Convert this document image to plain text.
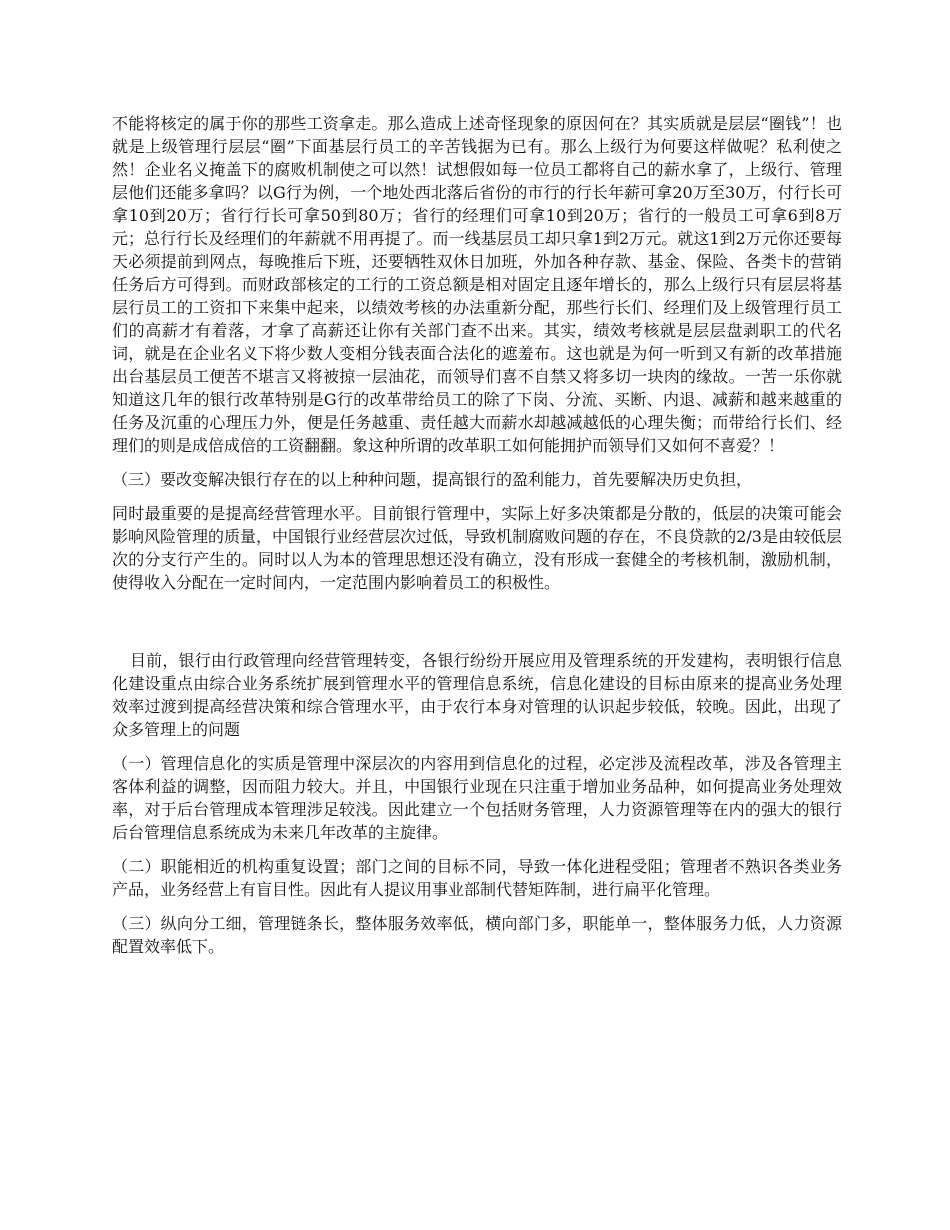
不能将核定的属于你的那些工资拿走。那么造成上述奇怪现象的原因何在？其实质就是层层“圈钱”！也就是上级管理行层层“圈”下面基层行员工的辛苦钱据为已有。那么上级行为何要这样做呢？私利使之然！企业名义掩盖下的腐败机制使之可以然！试想假如每一位员工都将自己的薪水拿了，上级行、管理层他们还能多拿吗？以G行为例，一个地处西北落后省份的市行的行长年薪可拿20万至30万，付行长可拿10到20万；省行行长可拿50到80万；省行的经理们可拿10到20万；省行的一般员工可拿6到8万元；总行行长及经理们的年薪就不用再提了。而一线基层员工却只拿1到2万元。就这1到2万元你还要每天必须提前到网点，每晚推后下班，还要牺牲双休日加班，外加各种存款、基金、保险、各类卡的营销任务后方可得到。而财政部核定的工行的工资总额是相对固定且逐年增长的，那么上级行只有层层将基层行员工的工资扣下来集中起来，以绩效考核的办法重新分配，那些行长们、经理们及上级管理行员工们的高薪才有着落，才拿了高薪还让你有关部门查不出来。其实，绩效考核就是层层盘剥职工的代名词，就是在企业名义下将少数人变相分钱表面合法化的遮羞布。这也就是为何一听到又有新的改革措施出台基层员工便苦不堪言又将被掠一层油花，而领导们喜不自禁又将多切一块肉的缘故。一苦一乐你就知道这几年的银行改革特别是G行的改革带给员工的除了下岗、分流、买断、内退、减薪和越来越重的任务及沉重的心理压力外，便是任务越重、责任越大而薪水却越减越低的心理失衡；而带给行长们、经理们的则是成倍成倍的工资翻翻。象这种所谓的改革职工如何能拥护而领导们又如何不喜爱？！

（三）要改变解决银行存在的以上种种问题，提高银行的盈利能力，首先要解决历史负担，

同时最重要的是提高经营管理水平。目前银行管理中，实际上好多决策都是分散的，低层的决策可能会影响风险管理的质量，中国银行业经营层次过低，导致机制腐败问题的存在，不良贷款的2/3是由较低层次的分支行产生的。同时以人为本的管理思想还没有确立，没有形成一套健全的考核机制，激励机制，使得收入分配在一定时间内，一定范围内影响着员工的积极性。

目前，银行由行政管理向经营管理转变，各银行纷纷开展应用及管理系统的开发建构，表明银行信息化建设重点由综合业务系统扩展到管理水平的管理信息系统，信息化建设的目标由原来的提高业务处理效率过渡到提高经营决策和综合管理水平，由于农行本身对管理的认识起步较低，较晚。因此，出现了众多管理上的问题

（一）管理信息化的实质是管理中深层次的内容用到信息化的过程，必定涉及流程改革，涉及各管理主客体利益的调整，因而阻力较大。并且，中国银行业现在只注重于增加业务品种，如何提高业务处理效率，对于后台管理成本管理涉足较浅。因此建立一个包括财务管理，人力资源管理等在内的强大的银行后台管理信息系统成为未来几年改革的主旋律。

（二）职能相近的机构重复设置；部门之间的目标不同，导致一体化进程受阻；管理者不熟识各类业务产品，业务经营上有盲目性。因此有人提议用事业部制代替矩阵制，进行扁平化管理。

（三）纵向分工细，管理链条长，整体服务效率低，横向部门多，职能单一，整体服务力低，人力资源配置效率低下。
